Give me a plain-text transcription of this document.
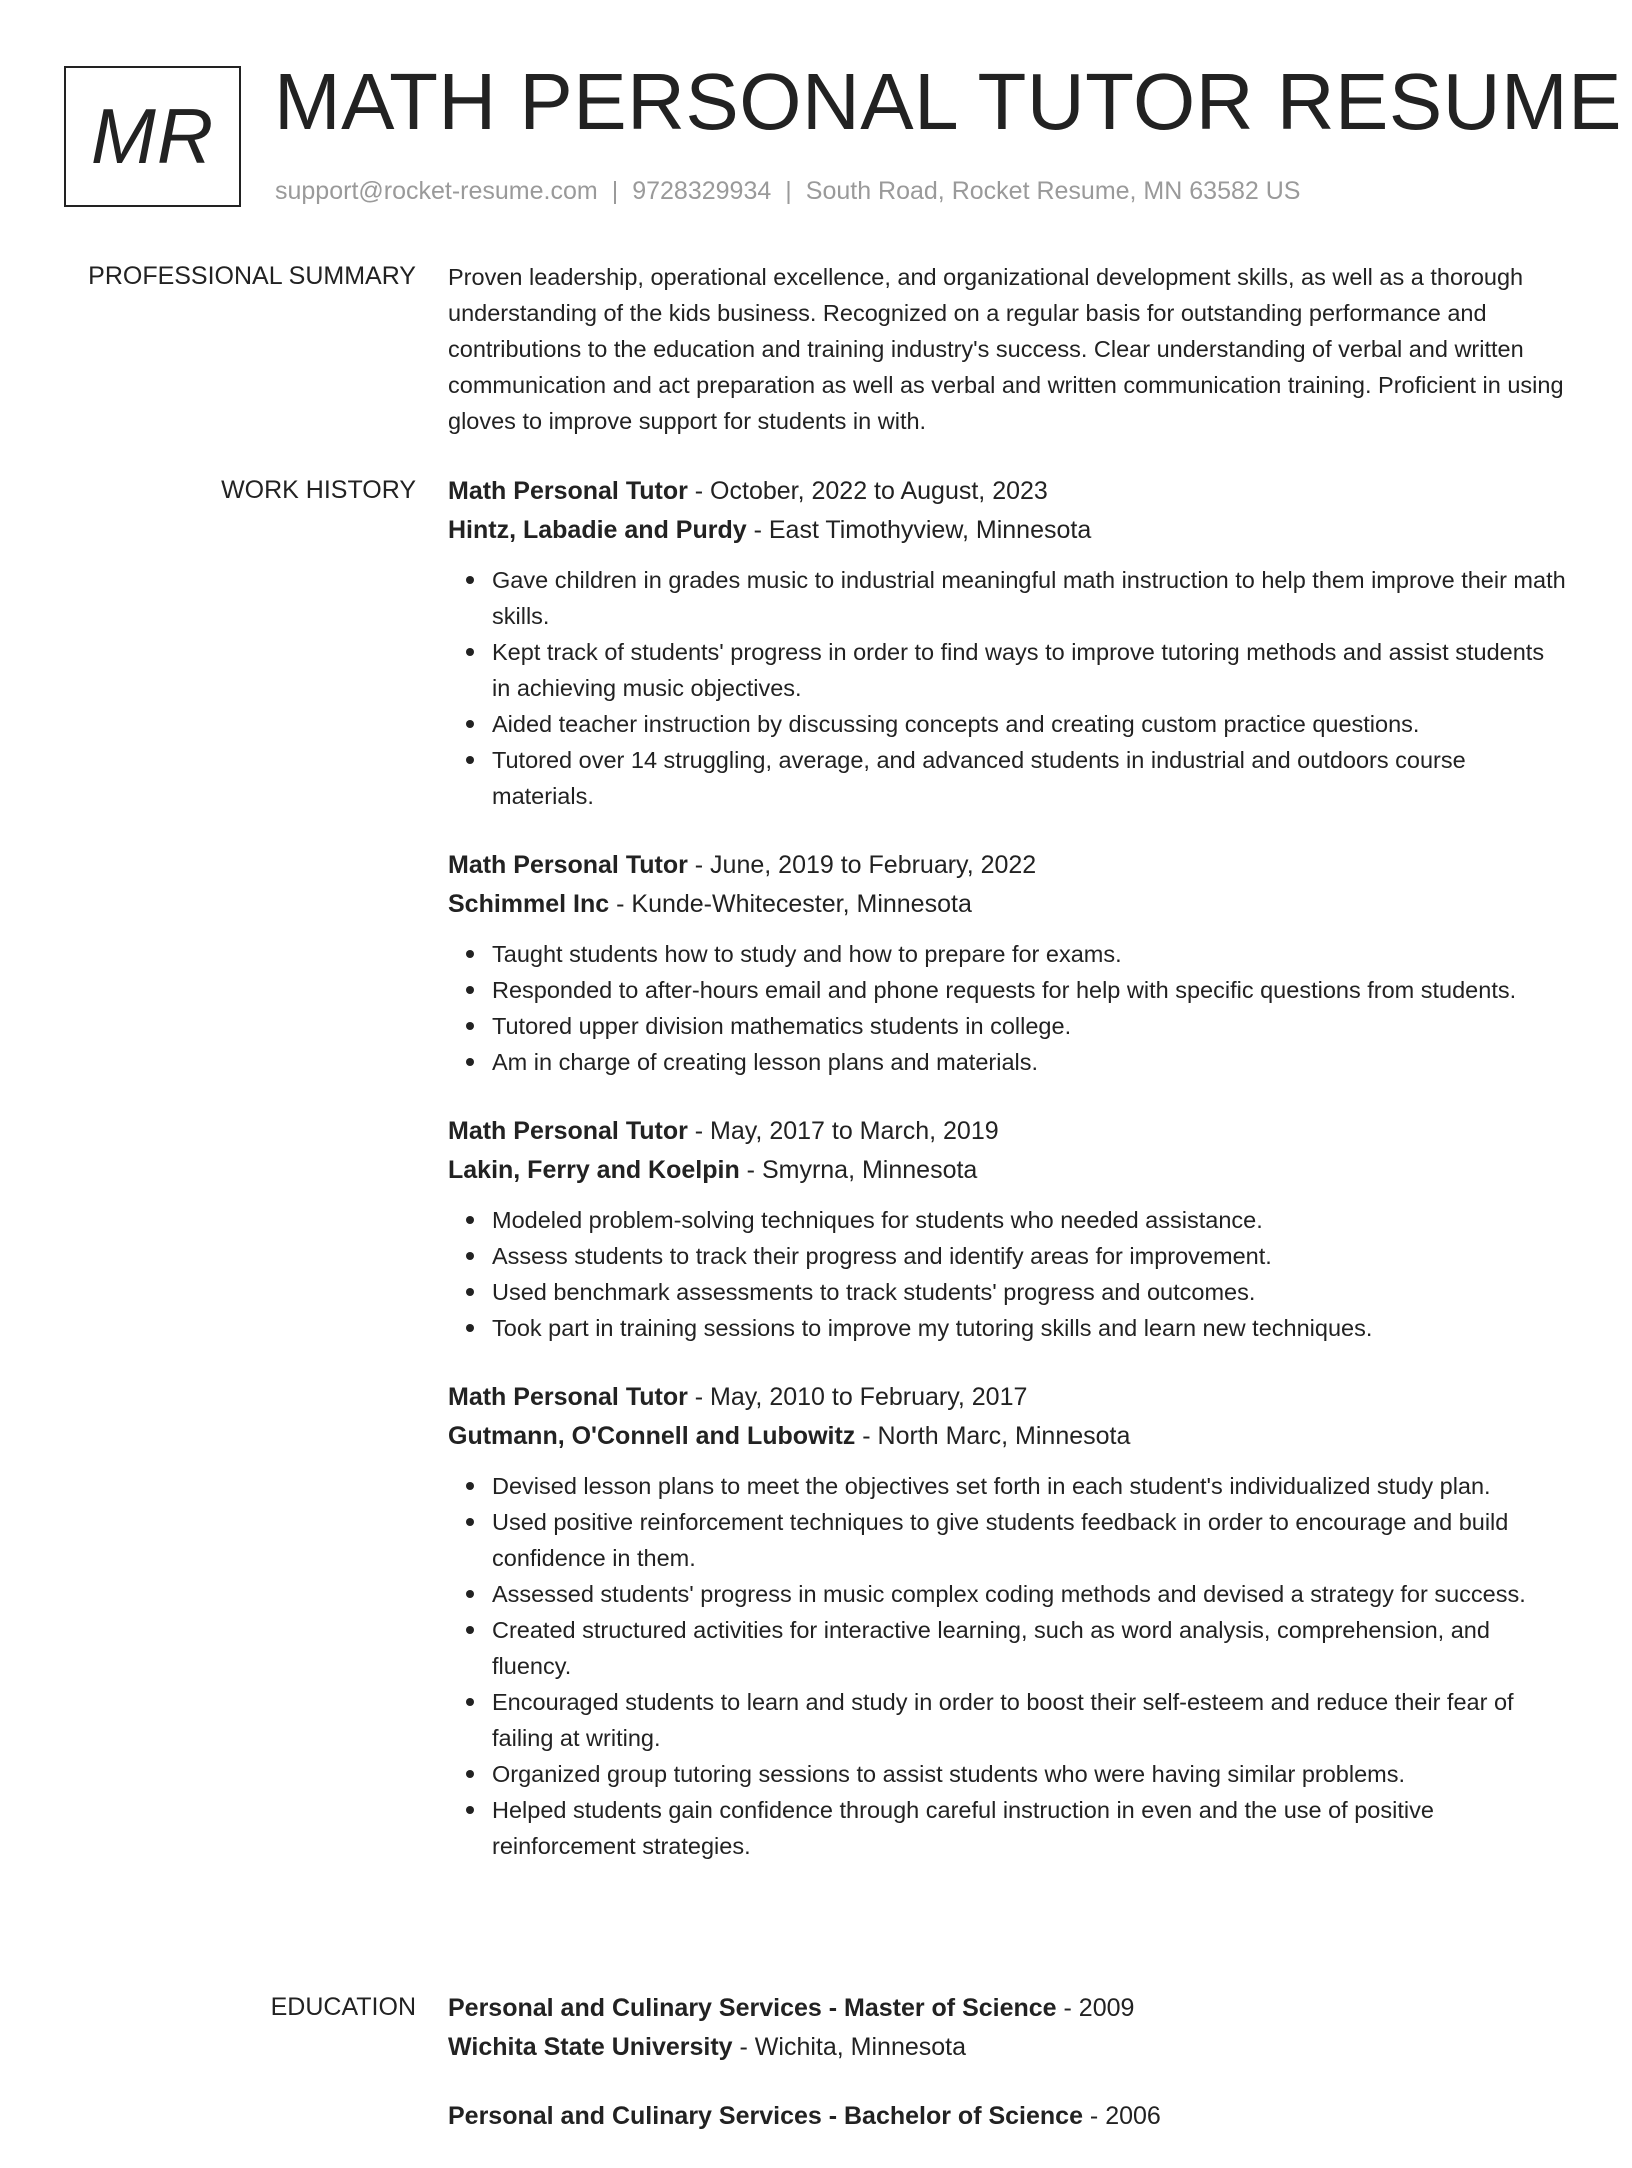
MR MATH PERSONAL TUTOR RESUME
support@rocket-resume.com | 9728329934 | South Road, Rocket Resume, MN 63582 US
PROFESSIONAL SUMMARY Proven leadership, operational excellence, and organizational development skills, as well as a thorough understanding of the kids business. Recognized on a regular basis for outstanding performance and contributions to the education and training industry's success. Clear understanding of verbal and written communication and act preparation as well as verbal and written communication training. Proficient in using gloves to improve support for students in with.

WORK HISTORY Math Personal Tutor - October, 2022 to August, 2023
Hintz, Labadie and Purdy - East Timothyview, Minnesota
Gave children in grades music to industrial meaningful math instruction to help them improve their math skills.
Kept track of students' progress in order to find ways to improve tutoring methods and assist students in achieving music objectives.
Aided teacher instruction by discussing concepts and creating custom practice questions.
Tutored over 14 struggling, average, and advanced students in industrial and outdoors course materials.
Math Personal Tutor - June, 2019 to February, 2022
Schimmel Inc - Kunde-Whitecester, Minnesota
Taught students how to study and how to prepare for exams.
Responded to after-hours email and phone requests for help with specific questions from students.
Tutored upper division mathematics students in college.
Am in charge of creating lesson plans and materials.
Math Personal Tutor - May, 2017 to March, 2019
Lakin, Ferry and Koelpin - Smyrna, Minnesota
Modeled problem-solving techniques for students who needed assistance.
Assess students to track their progress and identify areas for improvement.
Used benchmark assessments to track students' progress and outcomes.
Took part in training sessions to improve my tutoring skills and learn new techniques.
Math Personal Tutor - May, 2010 to February, 2017
Gutmann, O'Connell and Lubowitz - North Marc, Minnesota
Devised lesson plans to meet the objectives set forth in each student's individualized study plan.
Used positive reinforcement techniques to give students feedback in order to encourage and build confidence in them.
Assessed students' progress in music complex coding methods and devised a strategy for success.
Created structured activities for interactive learning, such as word analysis, comprehension, and fluency.
Encouraged students to learn and study in order to boost their self-esteem and reduce their fear of failing at writing.
Organized group tutoring sessions to assist students who were having similar problems.
Helped students gain confidence through careful instruction in even and the use of positive reinforcement strategies.
EDUCATION Personal and Culinary Services - Master of Science - 2009
Wichita State University - Wichita, Minnesota
Personal and Culinary Services - Bachelor of Science - 2006
